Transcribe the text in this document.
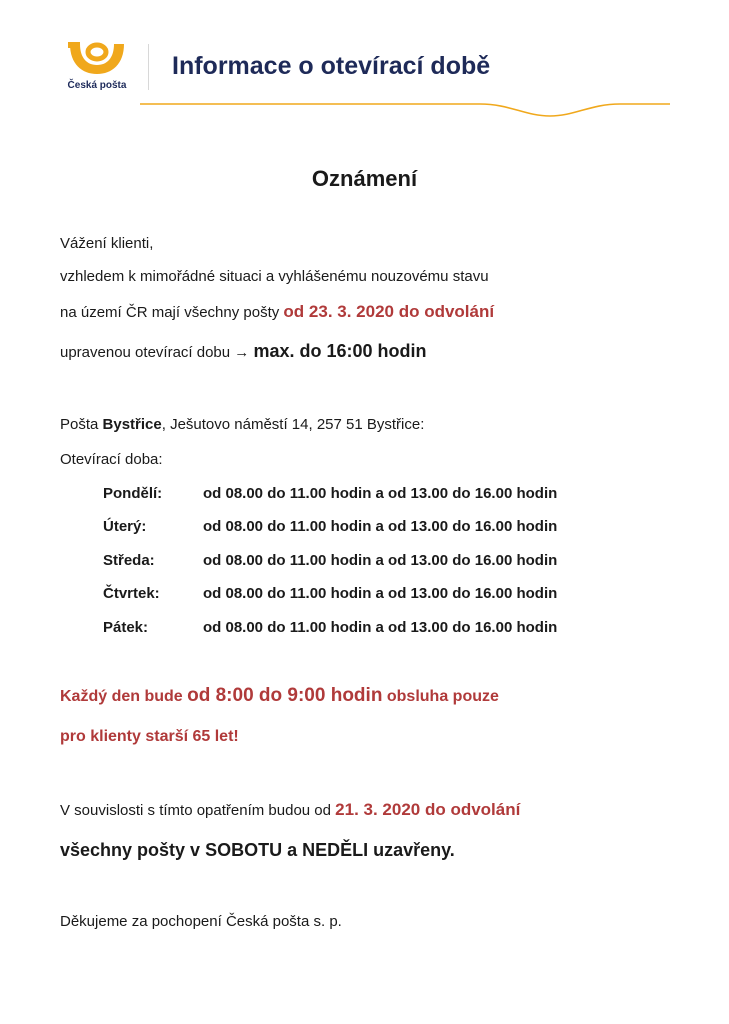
Česká pošta
Informace o otevírací době
Oznámení
Vážení klienti,
vzhledem k mimořádné situaci a vyhlášenému nouzovému stavu
na území ČR mají všechny pošty od 23. 3. 2020 do odvolání
upravenou otevírací dobu → max. do 16:00 hodin
Pošta Bystřice, Ješutovo náměstí 14, 257 51 Bystřice:
Otevírací doba:
Pondělí:	od 08.00 do 11.00 hodin a od 13.00 do 16.00 hodin
Úterý:	od 08.00 do 11.00 hodin a od 13.00 do 16.00 hodin
Středa:	od 08.00 do 11.00 hodin a od 13.00 do 16.00 hodin
Čtvrtek:	od 08.00 do 11.00 hodin a od 13.00 do 16.00 hodin
Pátek:	od 08.00 do 11.00 hodin a od 13.00 do 16.00 hodin
Každý den bude od 8:00 do 9:00 hodin obsluha pouze
pro klienty starší 65 let!
V souvislosti s tímto opatřením budou od 21. 3. 2020 do odvolání
všechny pošty v SOBOTU a NEDĚLI uzavřeny.
Děkujeme za pochopení Česká pošta s. p.
